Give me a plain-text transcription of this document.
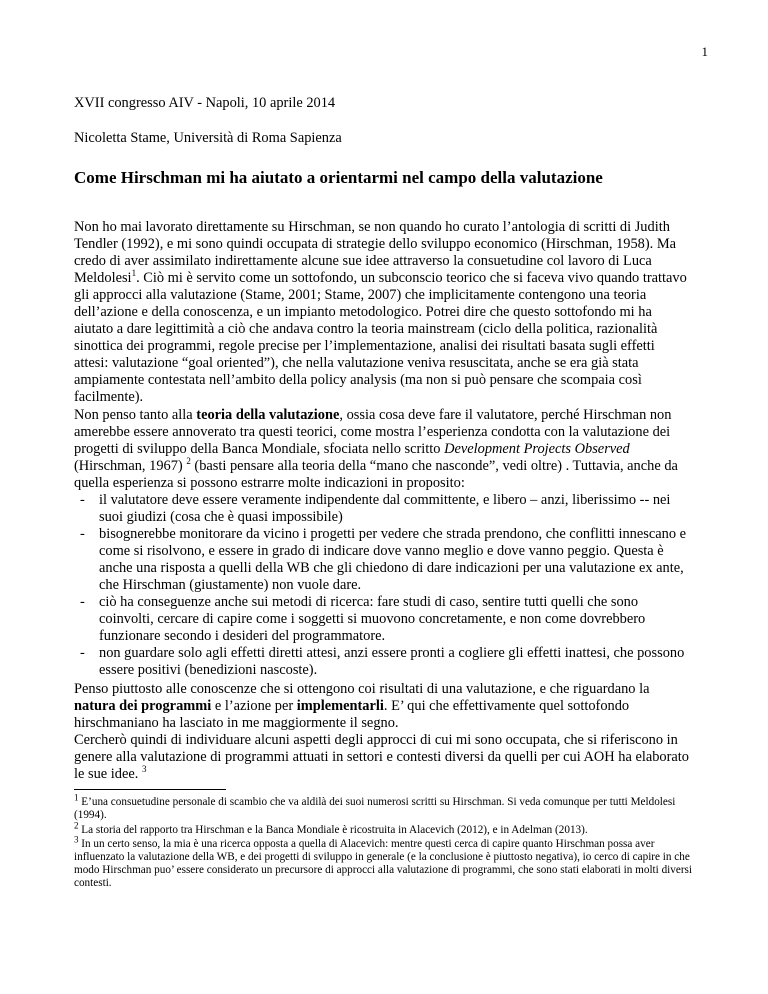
1

XVII congresso AIV - Napoli, 10 aprile 2014

Nicoletta Stame, Università di Roma Sapienza

Come Hirschman mi ha aiutato a orientarmi nel campo della valutazione

Non ho mai lavorato direttamente su Hirschman, se non quando ho curato l’antologia di scritti di Judith Tendler (1992), e mi sono quindi occupata di strategie dello sviluppo economico (Hirschman, 1958). Ma credo di aver assimilato indirettamente alcune sue idee attraverso la consuetudine col lavoro di Luca Meldolesi$^1$. Ciò mi è servito come un sottofondo, un subconscio teorico che si faceva vivo quando trattavo gli approcci alla valutazione (Stame, 2001; Stame, 2007) che implicitamente contengono una teoria dell’azione e della conoscenza, e un impianto metodologico. Potrei dire che questo sottofondo mi ha aiutato a dare legittimità a ciò che andava contro la teoria mainstream (ciclo della politica, razionalità sinottica dei programmi, regole precise per l’implementazione, analisi dei risultati basata sugli effetti attesi: valutazione “goal oriented”), che nella valutazione veniva resuscitata, anche se era già stata ampiamente contestata nell’ambito della policy analysis (ma non si può pensare che scompaia così facilmente).

Non penso tanto alla teoria della valutazione, ossia cosa deve fare il valutatore, perché Hirschman non amerebbe essere annoverato tra questi teorici, come mostra l’esperienza condotta con la valutazione dei progetti di sviluppo della Banca Mondiale, sfociata nello scritto Development Projects Observed (Hirschman, 1967) $^2$ (basti pensare alla teoria della “mano che nasconde”, vedi oltre) . Tuttavia, anche da quella esperienza si possono estrarre molte indicazioni in proposito:

- il valutatore deve essere veramente indipendente dal committente, e libero – anzi, liberissimo -- nei suoi giudizi (cosa che è quasi impossibile)
- bisognerebbe monitorare da vicino i progetti per vedere che strada prendono, che conflitti innescano e come si risolvono, e essere in grado di indicare dove vanno meglio e dove vanno peggio. Questa è anche una risposta a quelli della WB che gli chiedono di dare indicazioni per una valutazione ex ante, che Hirschman (giustamente) non vuole dare.
- ciò ha conseguenze anche sui metodi di ricerca: fare studi di caso, sentire tutti quelli che sono coinvolti, cercare di capire come i soggetti si muovono concretamente, e non come dovrebbero funzionare secondo i desideri del programmatore.
- non guardare solo agli effetti diretti attesi, anzi essere pronti a cogliere gli effetti inattesi, che possono essere positivi (benedizioni nascoste).

Penso piuttosto alle conoscenze che si ottengono coi risultati di una valutazione, e che riguardano la natura dei programmi e l’azione per implementarli. E’ qui che effettivamente quel sottofondo hirschmaniano ha lasciato in me maggiormente il segno.

Cercherò quindi di individuare alcuni aspetti degli approcci di cui mi sono occupata, che si riferiscono in genere alla valutazione di programmi attuati in settori e contesti diversi da quelli per cui AOH ha elaborato le sue idee. $^3$

$^1$ E’una consuetudine personale di scambio che va aldilà dei suoi numerosi scritti su Hirschman. Si veda comunque per tutti Meldolesi (1994).

$^2$ La storia del rapporto tra Hirschman e la Banca Mondiale è ricostruita in Alacevich (2012), e in Adelman (2013).

$^3$ In un certo senso, la mia è una ricerca opposta a quella di Alacevich: mentre questi cerca di capire quanto Hirschman possa aver influenzato la valutazione della WB, e dei progetti di sviluppo in generale (e la conclusione è piuttosto negativa), io cerco di capire in che modo Hirschman puo’ essere considerato un precursore di approcci alla valutazione di programmi, che sono stati elaborati in molti diversi contesti.
